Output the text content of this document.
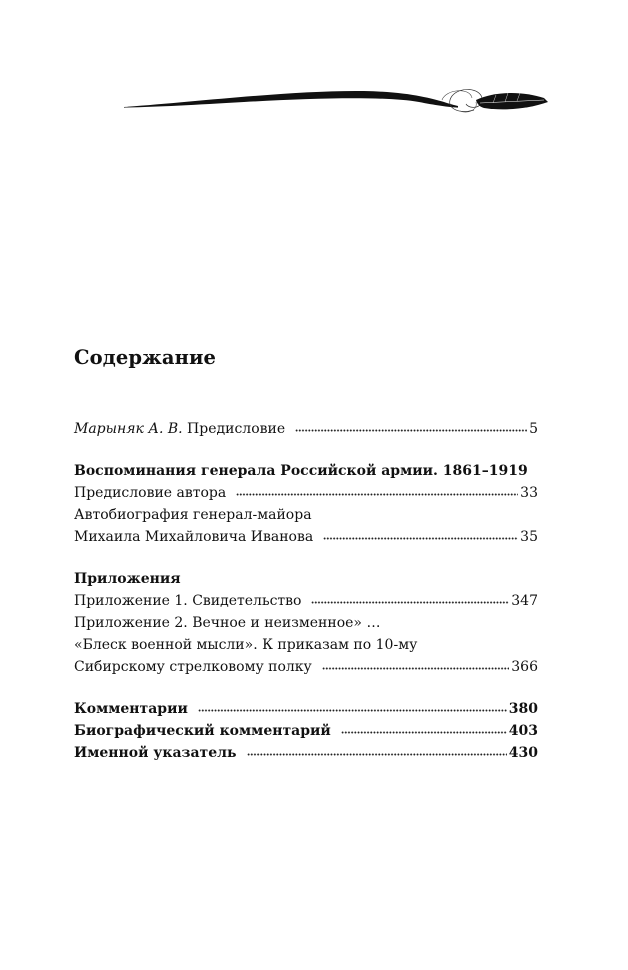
Содержание
Марыняк А. В. Предисловие	5
Воспоминания генерала Российской армии. 1861–1919
Предисловие автора	33
Автобиография генерал-майора
Михаила Михайловича Иванова	35
Приложения
Приложение 1. Свидетельство	347
Приложение 2. Вечное и неизменное» …
«Блеск военной мысли». К приказам по 10-му
Сибирскому стрелковому полку	366
Комментарии	380
Биографический комментарий	403
Именной указатель	430
